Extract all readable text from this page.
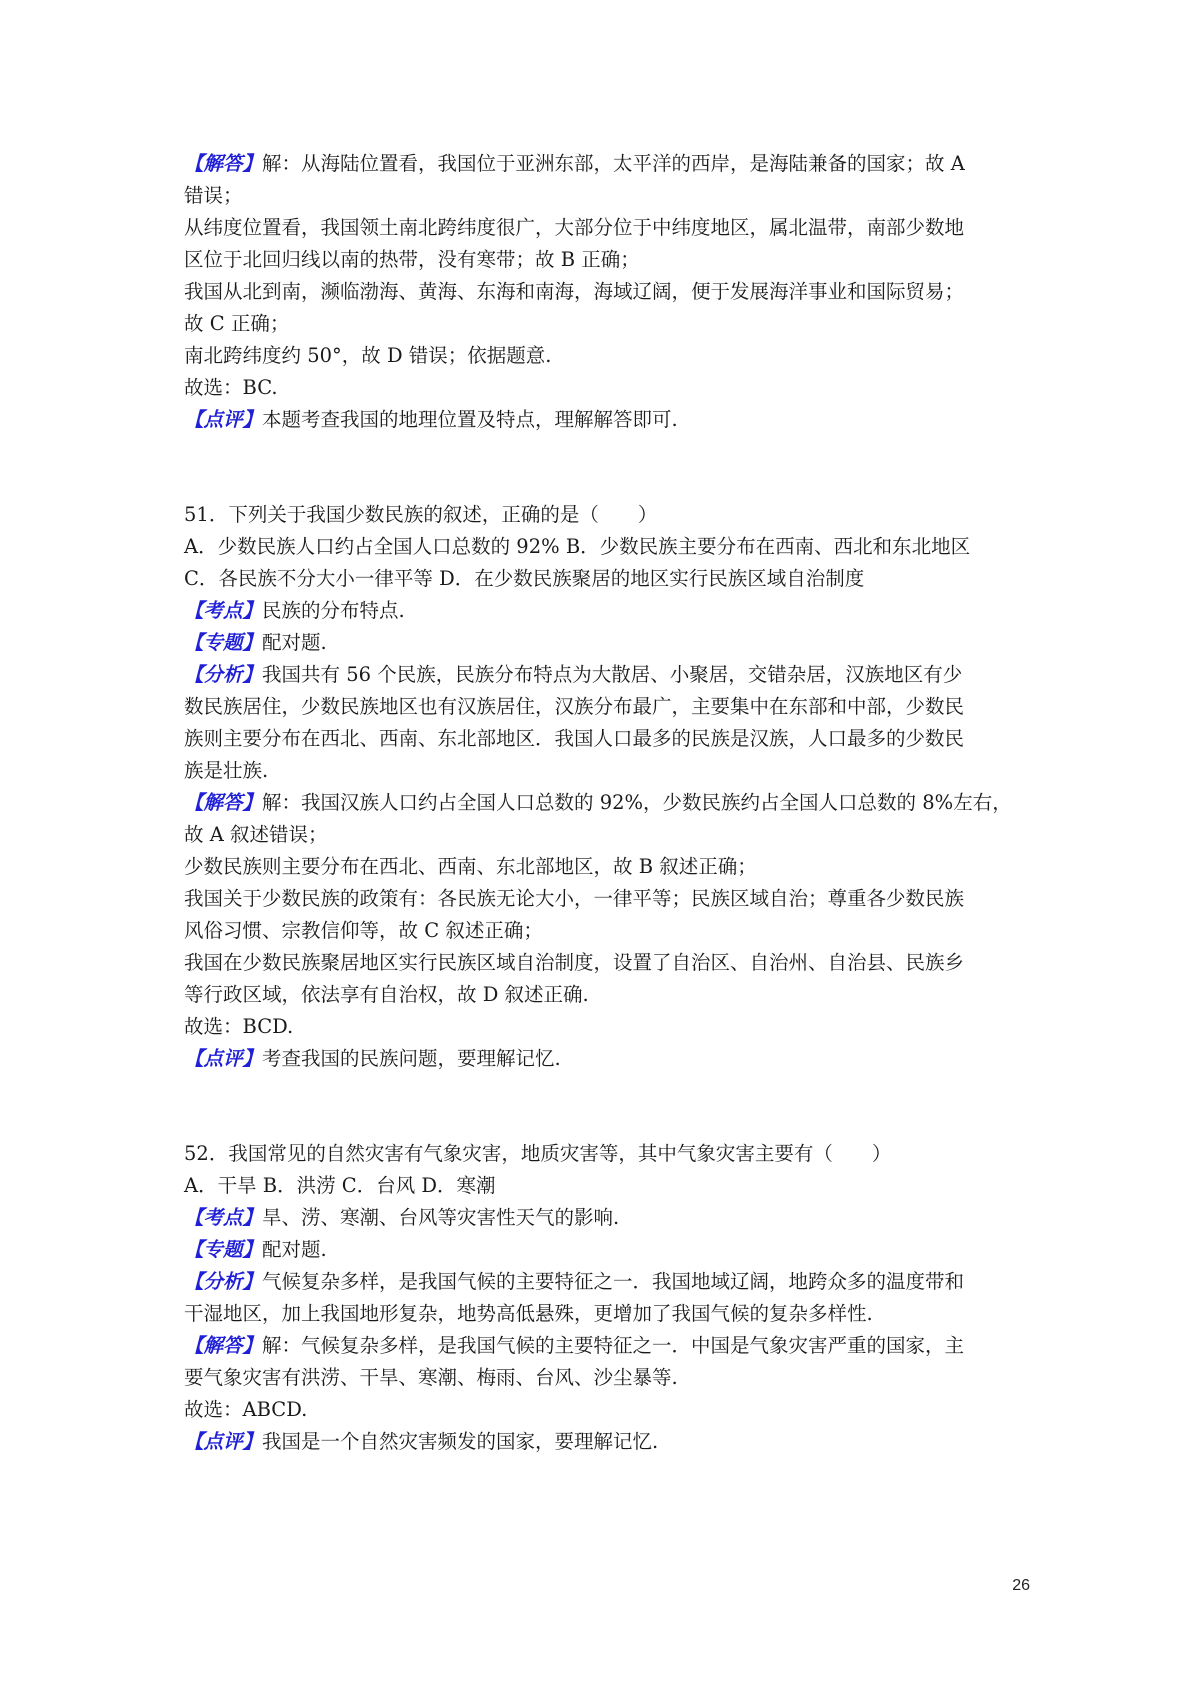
【解答】解：从海陆位置看，我国位于亚洲东部，太平洋的西岸，是海陆兼备的国家；故 A
错误；
从纬度位置看，我国领土南北跨纬度很广，大部分位于中纬度地区，属北温带，南部少数地
区位于北回归线以南的热带，没有寒带；故 B 正确；
我国从北到南，濒临渤海、黄海、东海和南海，海域辽阔，便于发展海洋事业和国际贸易；
故 C 正确；
南北跨纬度约 50°，故 D 错误；依据题意.
故选：BC.
【点评】本题考查我国的地理位置及特点，理解解答即可.
51．下列关于我国少数民族的叙述，正确的是（　　）
A．少数民族人口约占全国人口总数的 92% B．少数民族主要分布在西南、西北和东北地区
C．各民族不分大小一律平等 D．在少数民族聚居的地区实行民族区域自治制度
【考点】民族的分布特点.
【专题】配对题.
【分析】我国共有 56 个民族，民族分布特点为大散居、小聚居，交错杂居，汉族地区有少
数民族居住，少数民族地区也有汉族居住，汉族分布最广，主要集中在东部和中部，少数民
族则主要分布在西北、西南、东北部地区．我国人口最多的民族是汉族，人口最多的少数民
族是壮族.
【解答】解：我国汉族人口约占全国人口总数的 92%，少数民族约占全国人口总数的 8%左右，
故 A 叙述错误；
少数民族则主要分布在西北、西南、东北部地区，故 B 叙述正确；
我国关于少数民族的政策有：各民族无论大小，一律平等；民族区域自治；尊重各少数民族
风俗习惯、宗教信仰等，故 C 叙述正确；
我国在少数民族聚居地区实行民族区域自治制度，设置了自治区、自治州、自治县、民族乡
等行政区域，依法享有自治权，故 D 叙述正确.
故选：BCD.
【点评】考查我国的民族问题，要理解记忆.
52．我国常见的自然灾害有气象灾害，地质灾害等，其中气象灾害主要有（　　）
A．干旱 B．洪涝 C．台风 D．寒潮
【考点】旱、涝、寒潮、台风等灾害性天气的影响.
【专题】配对题.
【分析】气候复杂多样，是我国气候的主要特征之一．我国地域辽阔，地跨众多的温度带和
干湿地区，加上我国地形复杂，地势高低悬殊，更增加了我国气候的复杂多样性.
【解答】解：气候复杂多样，是我国气候的主要特征之一．中国是气象灾害严重的国家，主
要气象灾害有洪涝、干旱、寒潮、梅雨、台风、沙尘暴等.
故选：ABCD.
【点评】我国是一个自然灾害频发的国家，要理解记忆.
26
